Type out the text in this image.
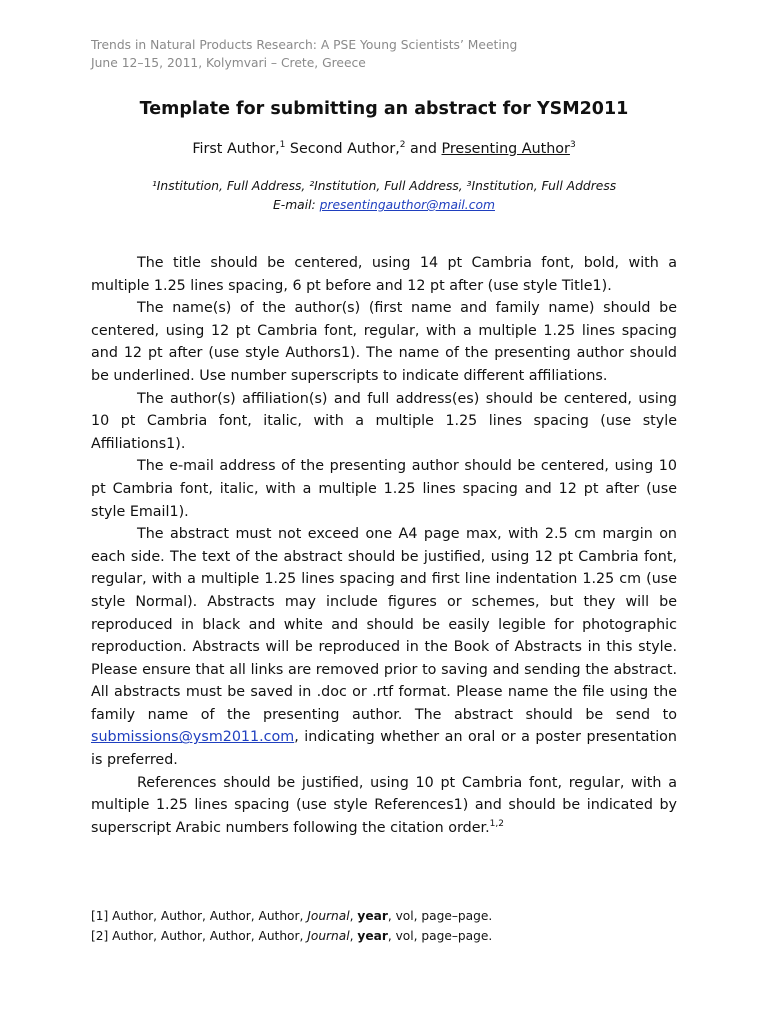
Trends in Natural Products Research: A PSE Young Scientists’ Meeting
June 12–15, 2011, Kolymvari – Crete, Greece
Template for submitting an abstract for YSM2011
First Author,$^1$ Second Author,$^2$ and Presenting Author$^3$
¹Institution, Full Address, ²Institution, Full Address, ³Institution, Full Address
E-mail: presentingauthor@mail.com

The title should be centered, using 14 pt Cambria font, bold, with a multiple 1.25 lines spacing, 6 pt before and 12 pt after (use style Title1).

The name(s) of the author(s) (first name and family name) should be centered, using 12 pt Cambria font, regular, with a multiple 1.25 lines spacing and 12 pt after (use style Authors1). The name of the presenting author should be underlined. Use number superscripts to indicate different affiliations.

The author(s) affiliation(s) and full address(es) should be centered, using 10 pt Cambria font, italic, with a multiple 1.25 lines spacing (use style Affiliations1).

The e-mail address of the presenting author should be centered, using 10 pt Cambria font, italic, with a multiple 1.25 lines spacing and 12 pt after (use style Email1).

The abstract must not exceed one A4 page max, with 2.5 cm margin on each side. The text of the abstract should be justified, using 12 pt Cambria font, regular, with a multiple 1.25 lines spacing and first line indentation 1.25 cm (use style Normal). Abstracts may include figures or schemes, but they will be reproduced in black and white and should be easily legible for photographic reproduction. Abstracts will be reproduced in the Book of Abstracts in this style. Please ensure that all links are removed prior to saving and sending the abstract. All abstracts must be saved in .doc or .rtf format. Please name the file using the family name of the presenting author. The abstract should be send to submissions@ysm2011.com, indicating whether an oral or a poster presentation is preferred.

References should be justified, using 10 pt Cambria font, regular, with a multiple 1.25 lines spacing (use style References1) and should be indicated by superscript Arabic numbers following the citation order.$^{1,2}$

[1] Author, Author, Author, Author, Journal, year, vol, page–page.
[2] Author, Author, Author, Author, Journal, year, vol, page–page.
